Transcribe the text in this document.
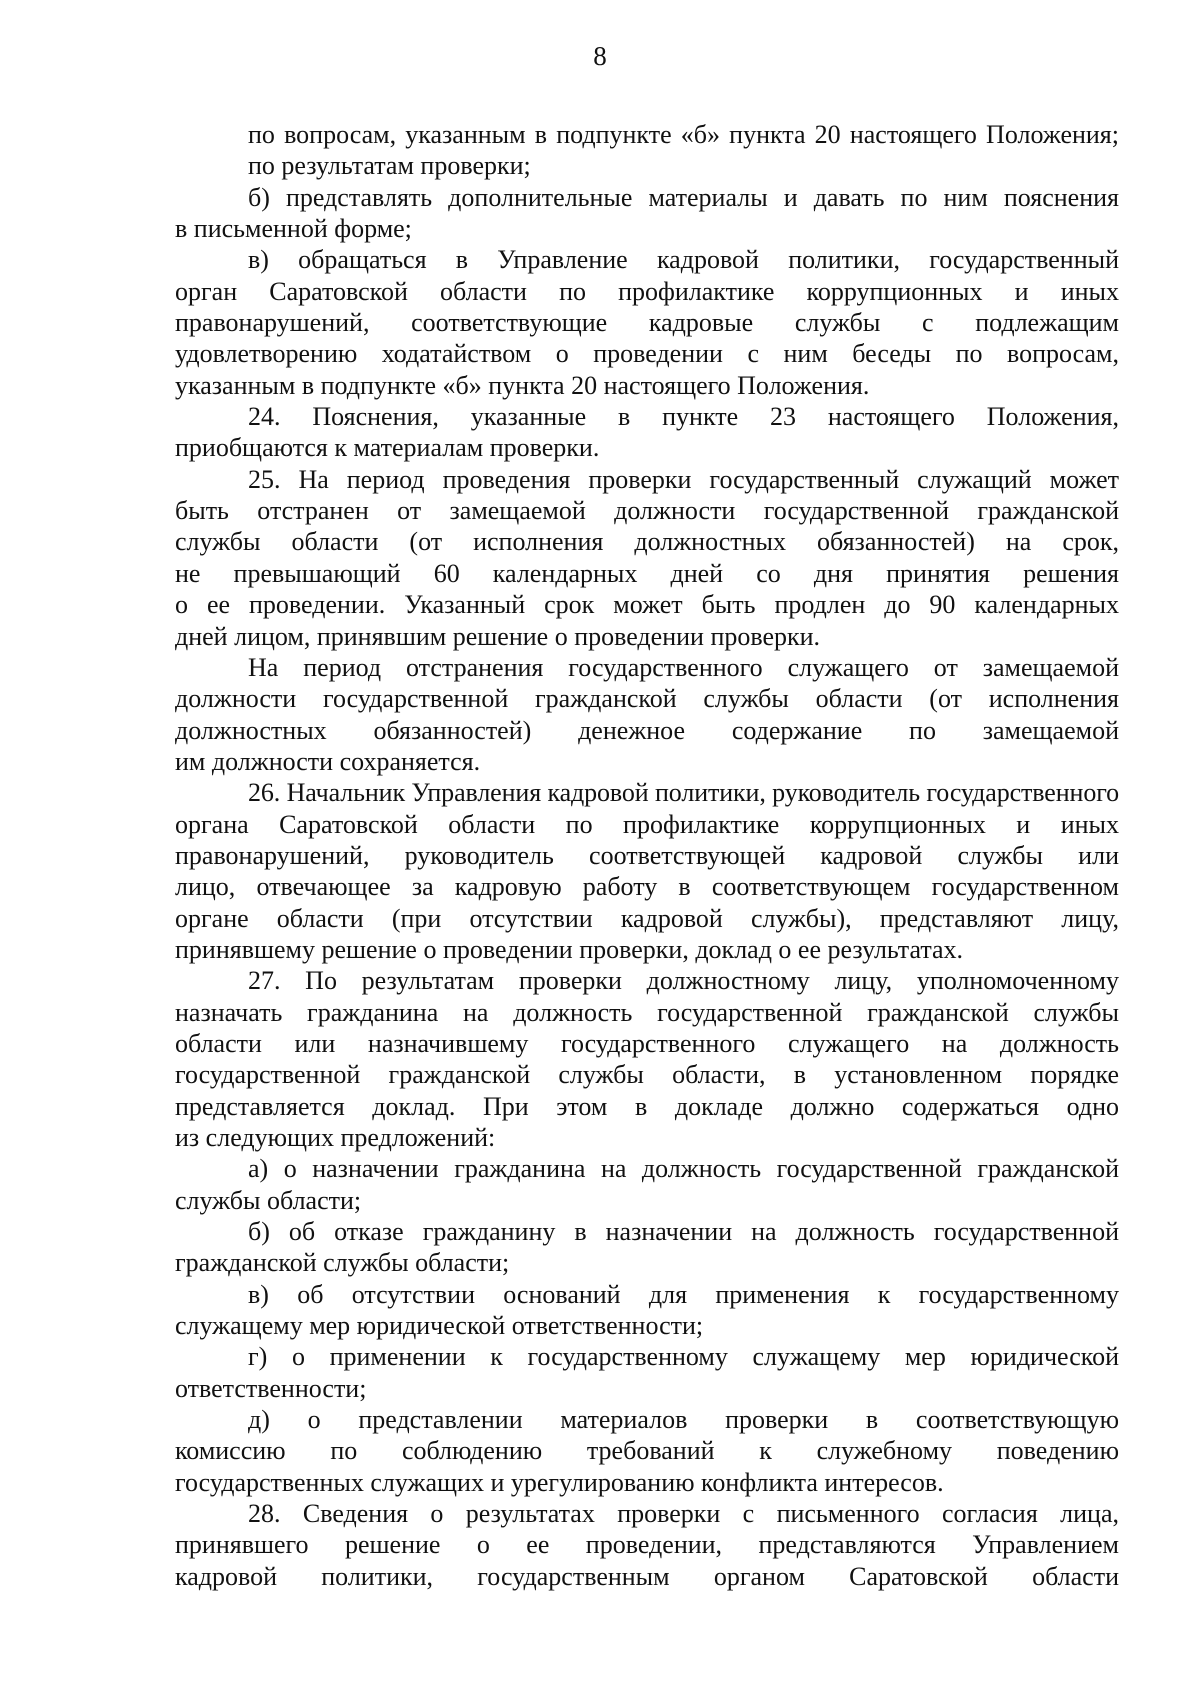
8
по вопросам, указанным в подпункте «б» пункта 20 настоящего Положения;
по результатам проверки;
б) представлять дополнительные материалы и давать по ним пояснения
в письменной форме;
в) обращаться в Управление кадровой политики, государственный
орган Саратовской области по профилактике коррупционных и иных
правонарушений, соответствующие кадровые службы с подлежащим
удовлетворению ходатайством о проведении с ним беседы по вопросам,
указанным в подпункте «б» пункта 20 настоящего Положения.
24. Пояснения, указанные в пункте 23 настоящего Положения,
приобщаются к материалам проверки.
25. На период проведения проверки государственный служащий может
быть отстранен от замещаемой должности государственной гражданской
службы области (от исполнения должностных обязанностей) на срок,
не превышающий 60 календарных дней со дня принятия решения
о ее проведении. Указанный срок может быть продлен до 90 календарных
дней лицом, принявшим решение о проведении проверки.
На период отстранения государственного служащего от замещаемой
должности государственной гражданской службы области (от исполнения
должностных обязанностей) денежное содержание по замещаемой
им должности сохраняется.
26. Начальник Управления кадровой политики, руководитель государственного
органа Саратовской области по профилактике коррупционных и иных
правонарушений, руководитель соответствующей кадровой службы или
лицо, отвечающее за кадровую работу в соответствующем государственном
органе области (при отсутствии кадровой службы), представляют лицу,
принявшему решение о проведении проверки, доклад о ее результатах.
27. По результатам проверки должностному лицу, уполномоченному
назначать гражданина на должность государственной гражданской службы
области или назначившему государственного служащего на должность
государственной гражданской службы области, в установленном порядке
представляется доклад. При этом в докладе должно содержаться одно
из следующих предложений:
а) о назначении гражданина на должность государственной гражданской
службы области;
б) об отказе гражданину в назначении на должность государственной
гражданской службы области;
в) об отсутствии оснований для применения к государственному
служащему мер юридической ответственности;
г) о применении к государственному служащему мер юридической
ответственности;
д) о представлении материалов проверки в соответствующую
комиссию по соблюдению требований к служебному поведению
государственных служащих и урегулированию конфликта интересов.
28. Сведения о результатах проверки с письменного согласия лица,
принявшего решение о ее проведении, представляются Управлением
кадровой политики, государственным органом Саратовской области
